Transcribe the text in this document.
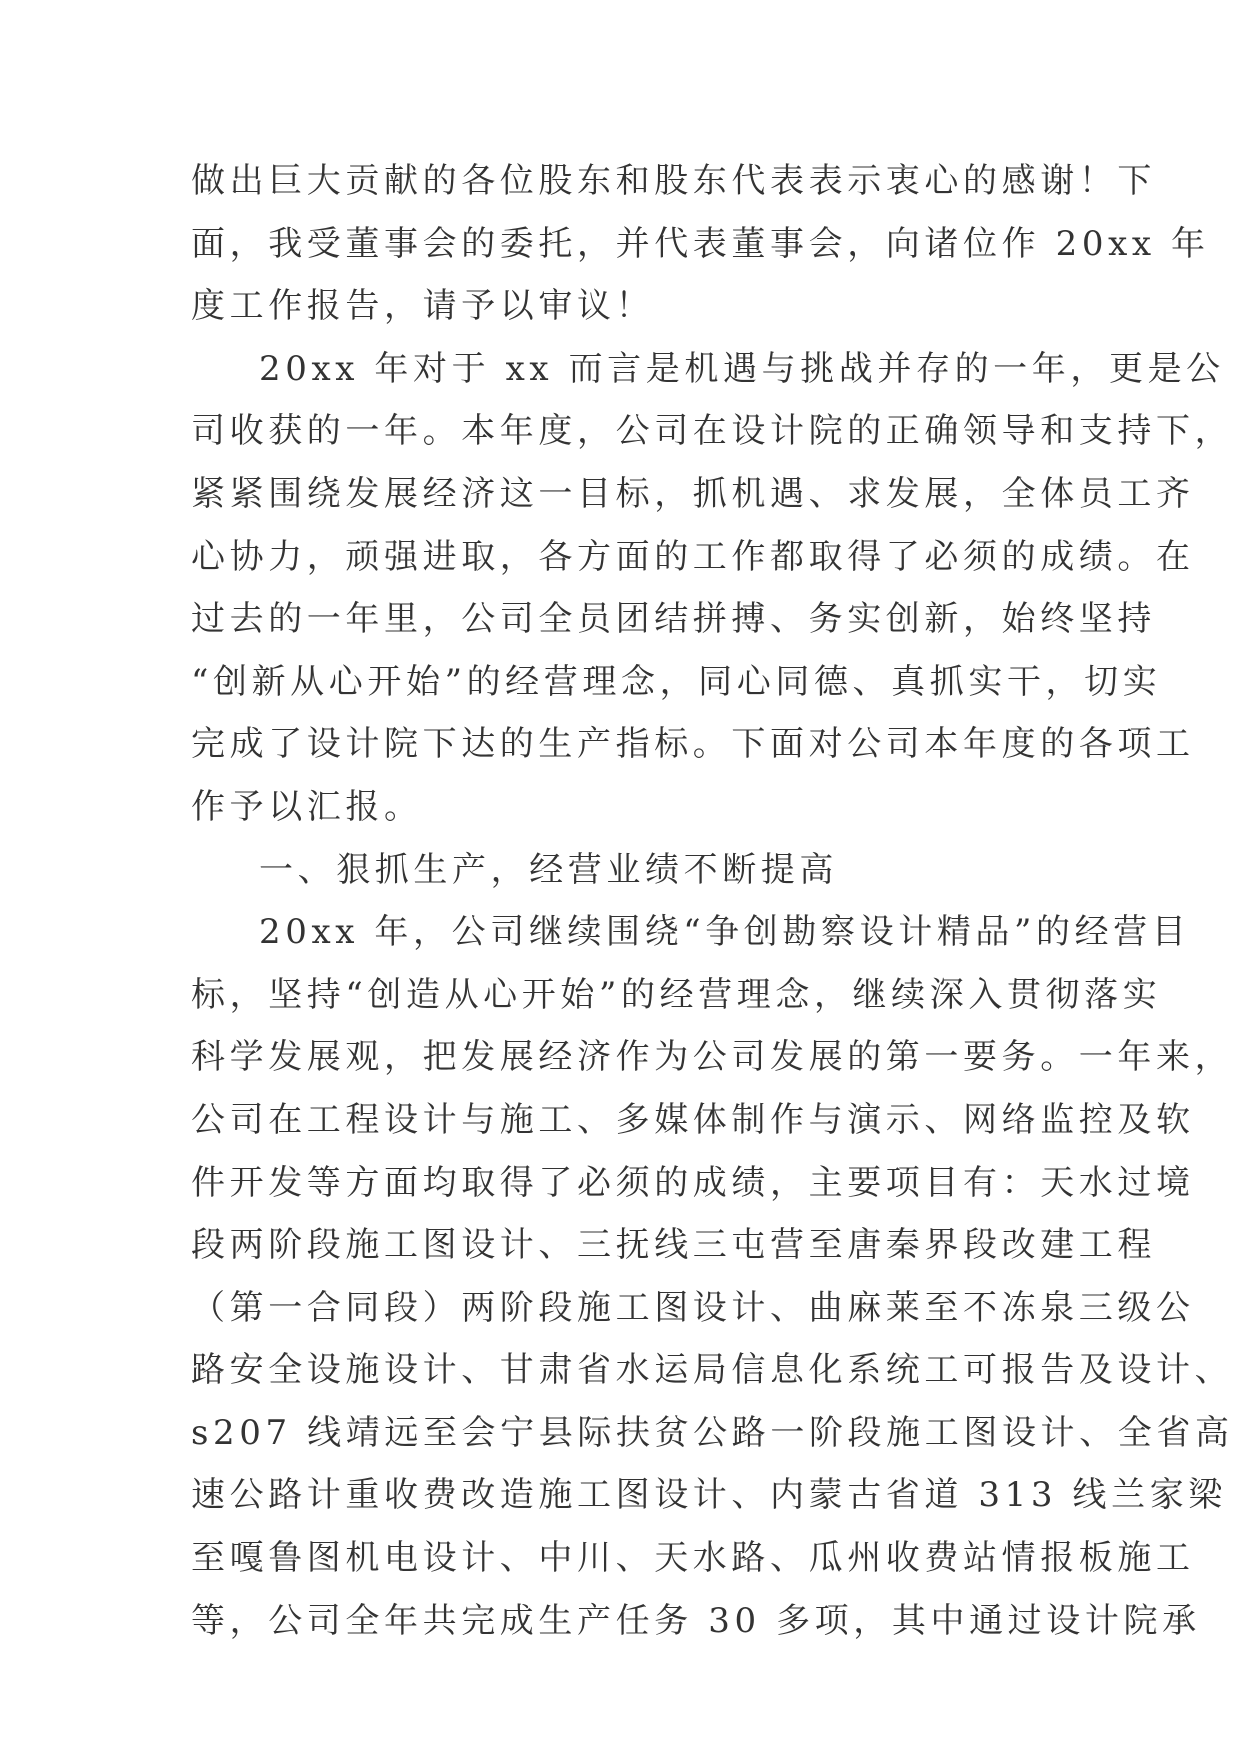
做出巨大贡献的各位股东和股东代表表示衷心的感谢！下
面，我受董事会的委托，并代表董事会，向诸位作 20xx 年
度工作报告，请予以审议！
20xx 年对于 xx 而言是机遇与挑战并存的一年，更是公
司收获的一年。本年度，公司在设计院的正确领导和支持下，
紧紧围绕发展经济这一目标，抓机遇、求发展，全体员工齐
心协力，顽强进取，各方面的工作都取得了必须的成绩。在
过去的一年里，公司全员团结拼搏、务实创新，始终坚持
“创新从心开始”的经营理念，同心同德、真抓实干，切实
完成了设计院下达的生产指标。下面对公司本年度的各项工
作予以汇报。
一、狠抓生产，经营业绩不断提高
20xx 年，公司继续围绕“争创勘察设计精品”的经营目
标，坚持“创造从心开始”的经营理念，继续深入贯彻落实
科学发展观，把发展经济作为公司发展的第一要务。一年来，
公司在工程设计与施工、多媒体制作与演示、网络监控及软
件开发等方面均取得了必须的成绩，主要项目有：天水过境
段两阶段施工图设计、三抚线三屯营至唐秦界段改建工程
（第一合同段）两阶段施工图设计、曲麻莱至不冻泉三级公
路安全设施设计、甘肃省水运局信息化系统工可报告及设计、
s207 线靖远至会宁县际扶贫公路一阶段施工图设计、全省高
速公路计重收费改造施工图设计、内蒙古省道 313 线兰家梁
至嘎鲁图机电设计、中川、天水路、瓜州收费站情报板施工
等，公司全年共完成生产任务 30 多项，其中通过设计院承
